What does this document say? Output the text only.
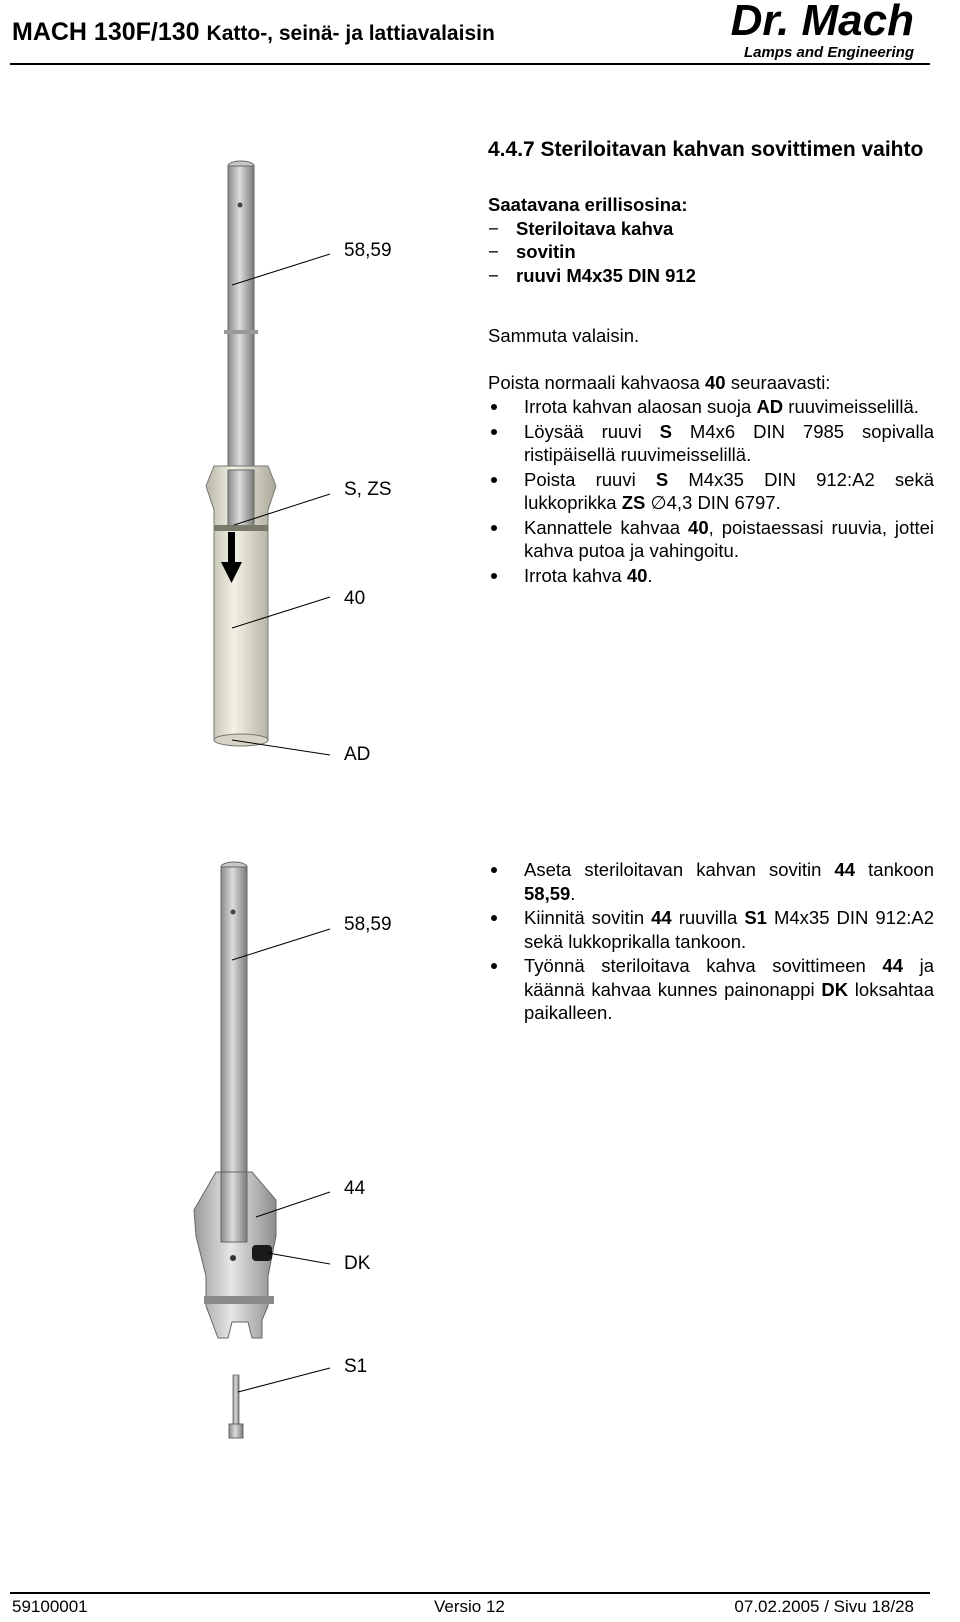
MACH 130F/130 Katto-, seinä- ja lattiavalaisin	Dr. Mach
Lamps and Engineering
58,59
S, ZS
40
AD
58,59
44
DK
S1
4.4.7 Steriloitavan kahvan sovittimen vaihto
Saatavana erillisosina:
− Steriloitava kahva
− sovitin
− ruuvi M4x35 DIN 912
Sammuta valaisin.
Poista normaali kahvaosa 40 seuraavasti:
Irrota kahvan alaosan suoja AD ruuvimeisselillä.
Löysää ruuvi S M4x6 DIN 7985 sopivalla ristipäisellä ruuvimeisselillä.
Poista ruuvi S M4x35 DIN 912:A2 sekä lukkoprikka ZS ∅4,3 DIN 6797.
Kannattele kahvaa 40, poistaessasi ruuvia, jottei kahva putoa ja vahingoitu.
Irrota kahva 40.
Aseta steriloitavan kahvan sovitin 44 tankoon 58,59.
Kiinnitä sovitin 44 ruuvilla S1 M4x35 DIN 912:A2 sekä lukkoprikalla tankoon.
Työnnä steriloitava kahva sovittimeen 44 ja käännä kahvaa kunnes painonappi DK loksahtaa paikalleen.
59100001	Versio 12	07.02.2005 / Sivu 18/28
